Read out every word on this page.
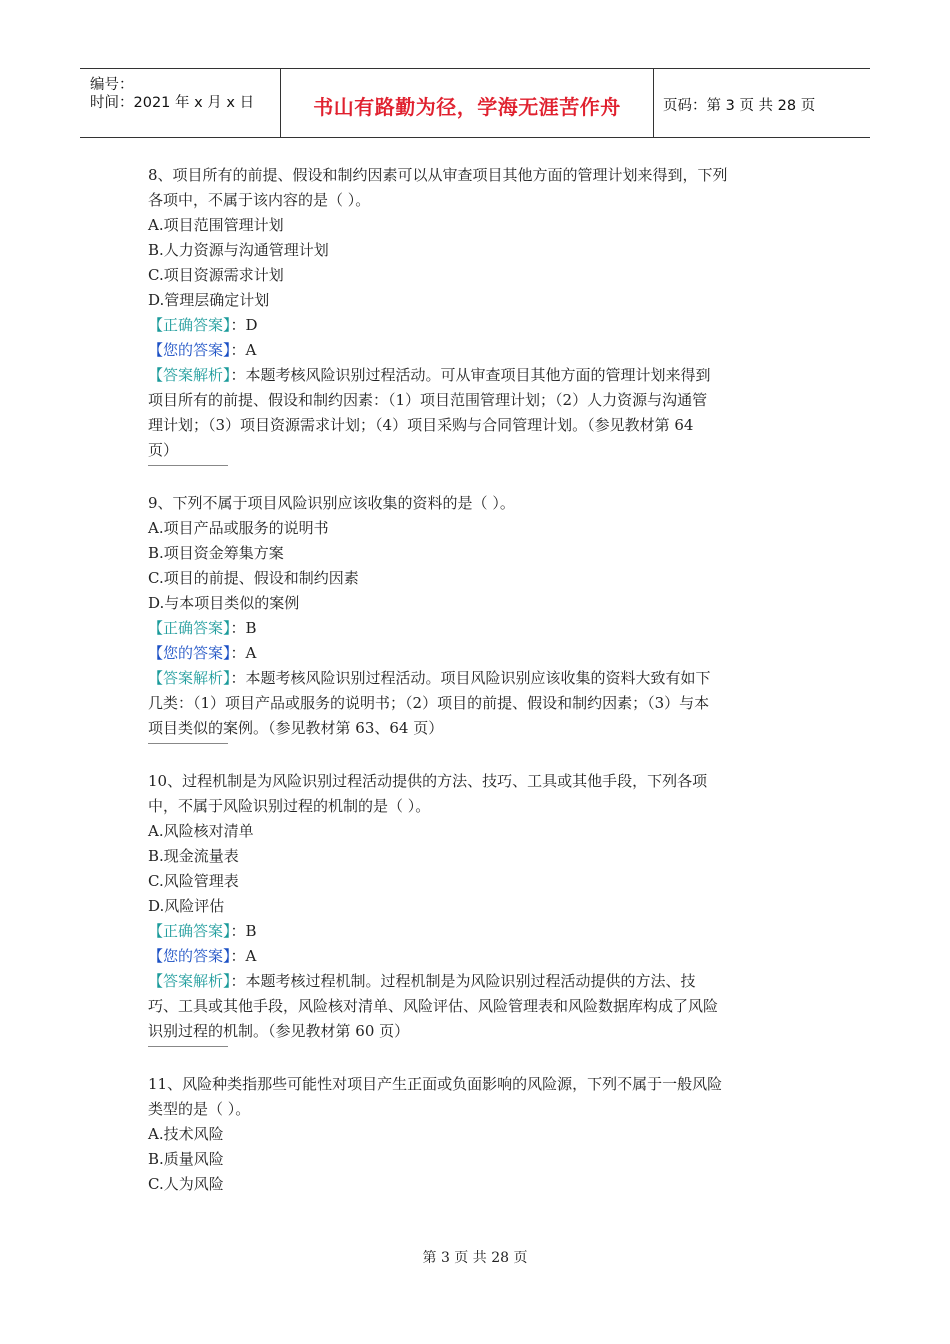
编号：
时间：2021 年 x 月 x 日	书山有路勤为径，学海无涯苦作舟	页码：第 3 页 共 28 页
8、项目所有的前提、假设和制约因素可以从审查项目其他方面的管理计划来得到，下列
各项中，不属于该内容的是（ ）。
A.项目范围管理计划
B.人力资源与沟通管理计划
C.项目资源需求计划
D.管理层确定计划
【正确答案】：D
【您的答案】：A
【答案解析】：本题考核风险识别过程活动。可从审查项目其他方面的管理计划来得到
项目所有的前提、假设和制约因素：（1）项目范围管理计划；（2）人力资源与沟通管
理计划；（3）项目资源需求计划；（4）项目采购与合同管理计划。（参见教材第 64
页）
9、下列不属于项目风险识别应该收集的资料的是（ ）。
A.项目产品或服务的说明书
B.项目资金筹集方案
C.项目的前提、假设和制约因素
D.与本项目类似的案例
【正确答案】：B
【您的答案】：A
【答案解析】：本题考核风险识别过程活动。项目风险识别应该收集的资料大致有如下
几类：（1）项目产品或服务的说明书；（2）项目的前提、假设和制约因素；（3）与本
项目类似的案例。（参见教材第 63、64 页）
10、过程机制是为风险识别过程活动提供的方法、技巧、工具或其他手段，下列各项
中，不属于风险识别过程的机制的是（ ）。
A.风险核对清单
B.现金流量表
C.风险管理表
D.风险评估
【正确答案】：B
【您的答案】：A
【答案解析】：本题考核过程机制。过程机制是为风险识别过程活动提供的方法、技
巧、工具或其他手段，风险核对清单、风险评估、风险管理表和风险数据库构成了风险
识别过程的机制。（参见教材第 60 页）
11、风险种类指那些可能性对项目产生正面或负面影响的风险源，下列不属于一般风险
类型的是（ ）。
A.技术风险
B.质量风险
C.人为风险
第 3 页 共 28 页
